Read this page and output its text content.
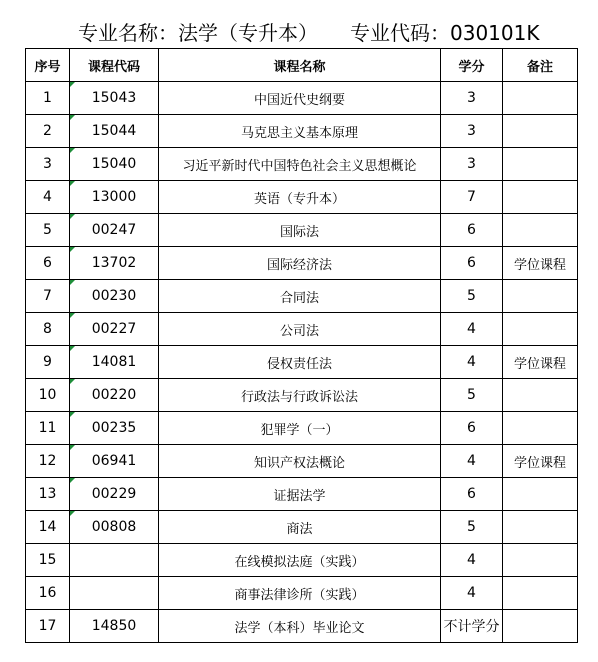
专业名称：法学（专升本） 专业代码：030101K
序号	课程代码	课程名称	学分	备注
1	15043	中国近代史纲要	3	
2	15044	马克思主义基本原理	3	
3	15040	习近平新时代中国特色社会主义思想概论	3	
4	13000	英语（专升本）	7	
5	00247	国际法	6	
6	13702	国际经济法	6	学位课程
7	00230	合同法	5	
8	00227	公司法	4	
9	14081	侵权责任法	4	学位课程
10	00220	行政法与行政诉讼法	5	
11	00235	犯罪学（一）	6	
12	06941	知识产权法概论	4	学位课程
13	00229	证据法学	6	
14	00808	商法	5	
15		在线模拟法庭（实践）	4	
16		商事法律诊所（实践）	4	
17	14850	法学（本科）毕业论文	不计学分	
